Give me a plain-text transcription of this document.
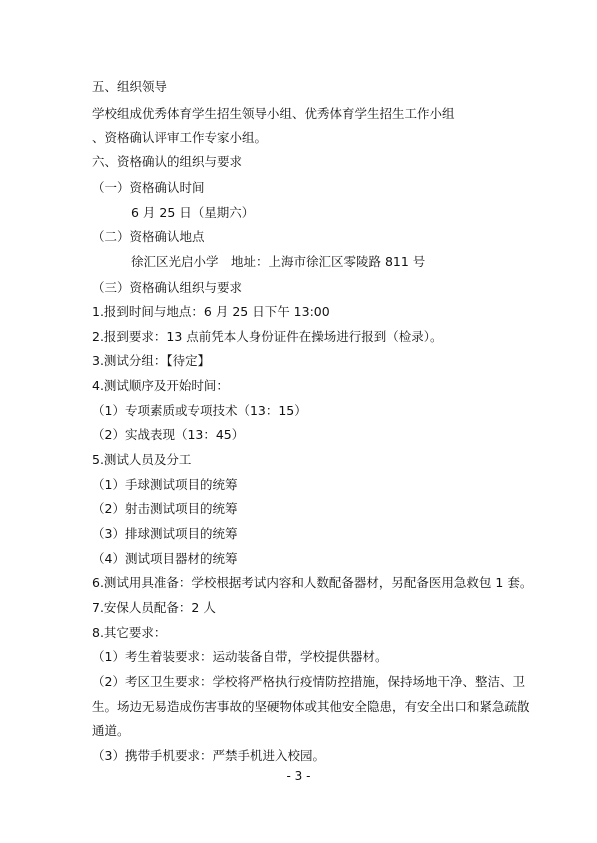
五、组织领导
学校组成优秀体育学生招生领导小组、优秀体育学生招生工作小组
、资格确认评审工作专家小组。
六、资格确认的组织与要求
（一）资格确认时间
6 月 25 日（星期六）
（二）资格确认地点
徐汇区光启小学　地址：上海市徐汇区零陵路 811 号
（三）资格确认组织与要求
1.报到时间与地点：6 月 25 日下午 13:00
2.报到要求：13 点前凭本人身份证件在操场进行报到（检录）。
3.测试分组：【待定】
4.测试顺序及开始时间：
（1）专项素质或专项技术（13：15）
（2）实战表现（13：45）
5.测试人员及分工
（1）手球测试项目的统筹
（2）射击测试项目的统筹
（3）排球测试项目的统筹
（4）测试项目器材的统筹
6.测试用具准备：学校根据考试内容和人数配备器材，另配备医用急救包 1 套。
7.安保人员配备：2 人
8.其它要求：
（1）考生着装要求：运动装备自带，学校提供器材。
（2）考区卫生要求：学校将严格执行疫情防控措施，保持场地干净、整洁、卫
生。场边无易造成伤害事故的坚硬物体或其他安全隐患，有安全出口和紧急疏散
通道。
（3）携带手机要求：严禁手机进入校园。
- 3 -
